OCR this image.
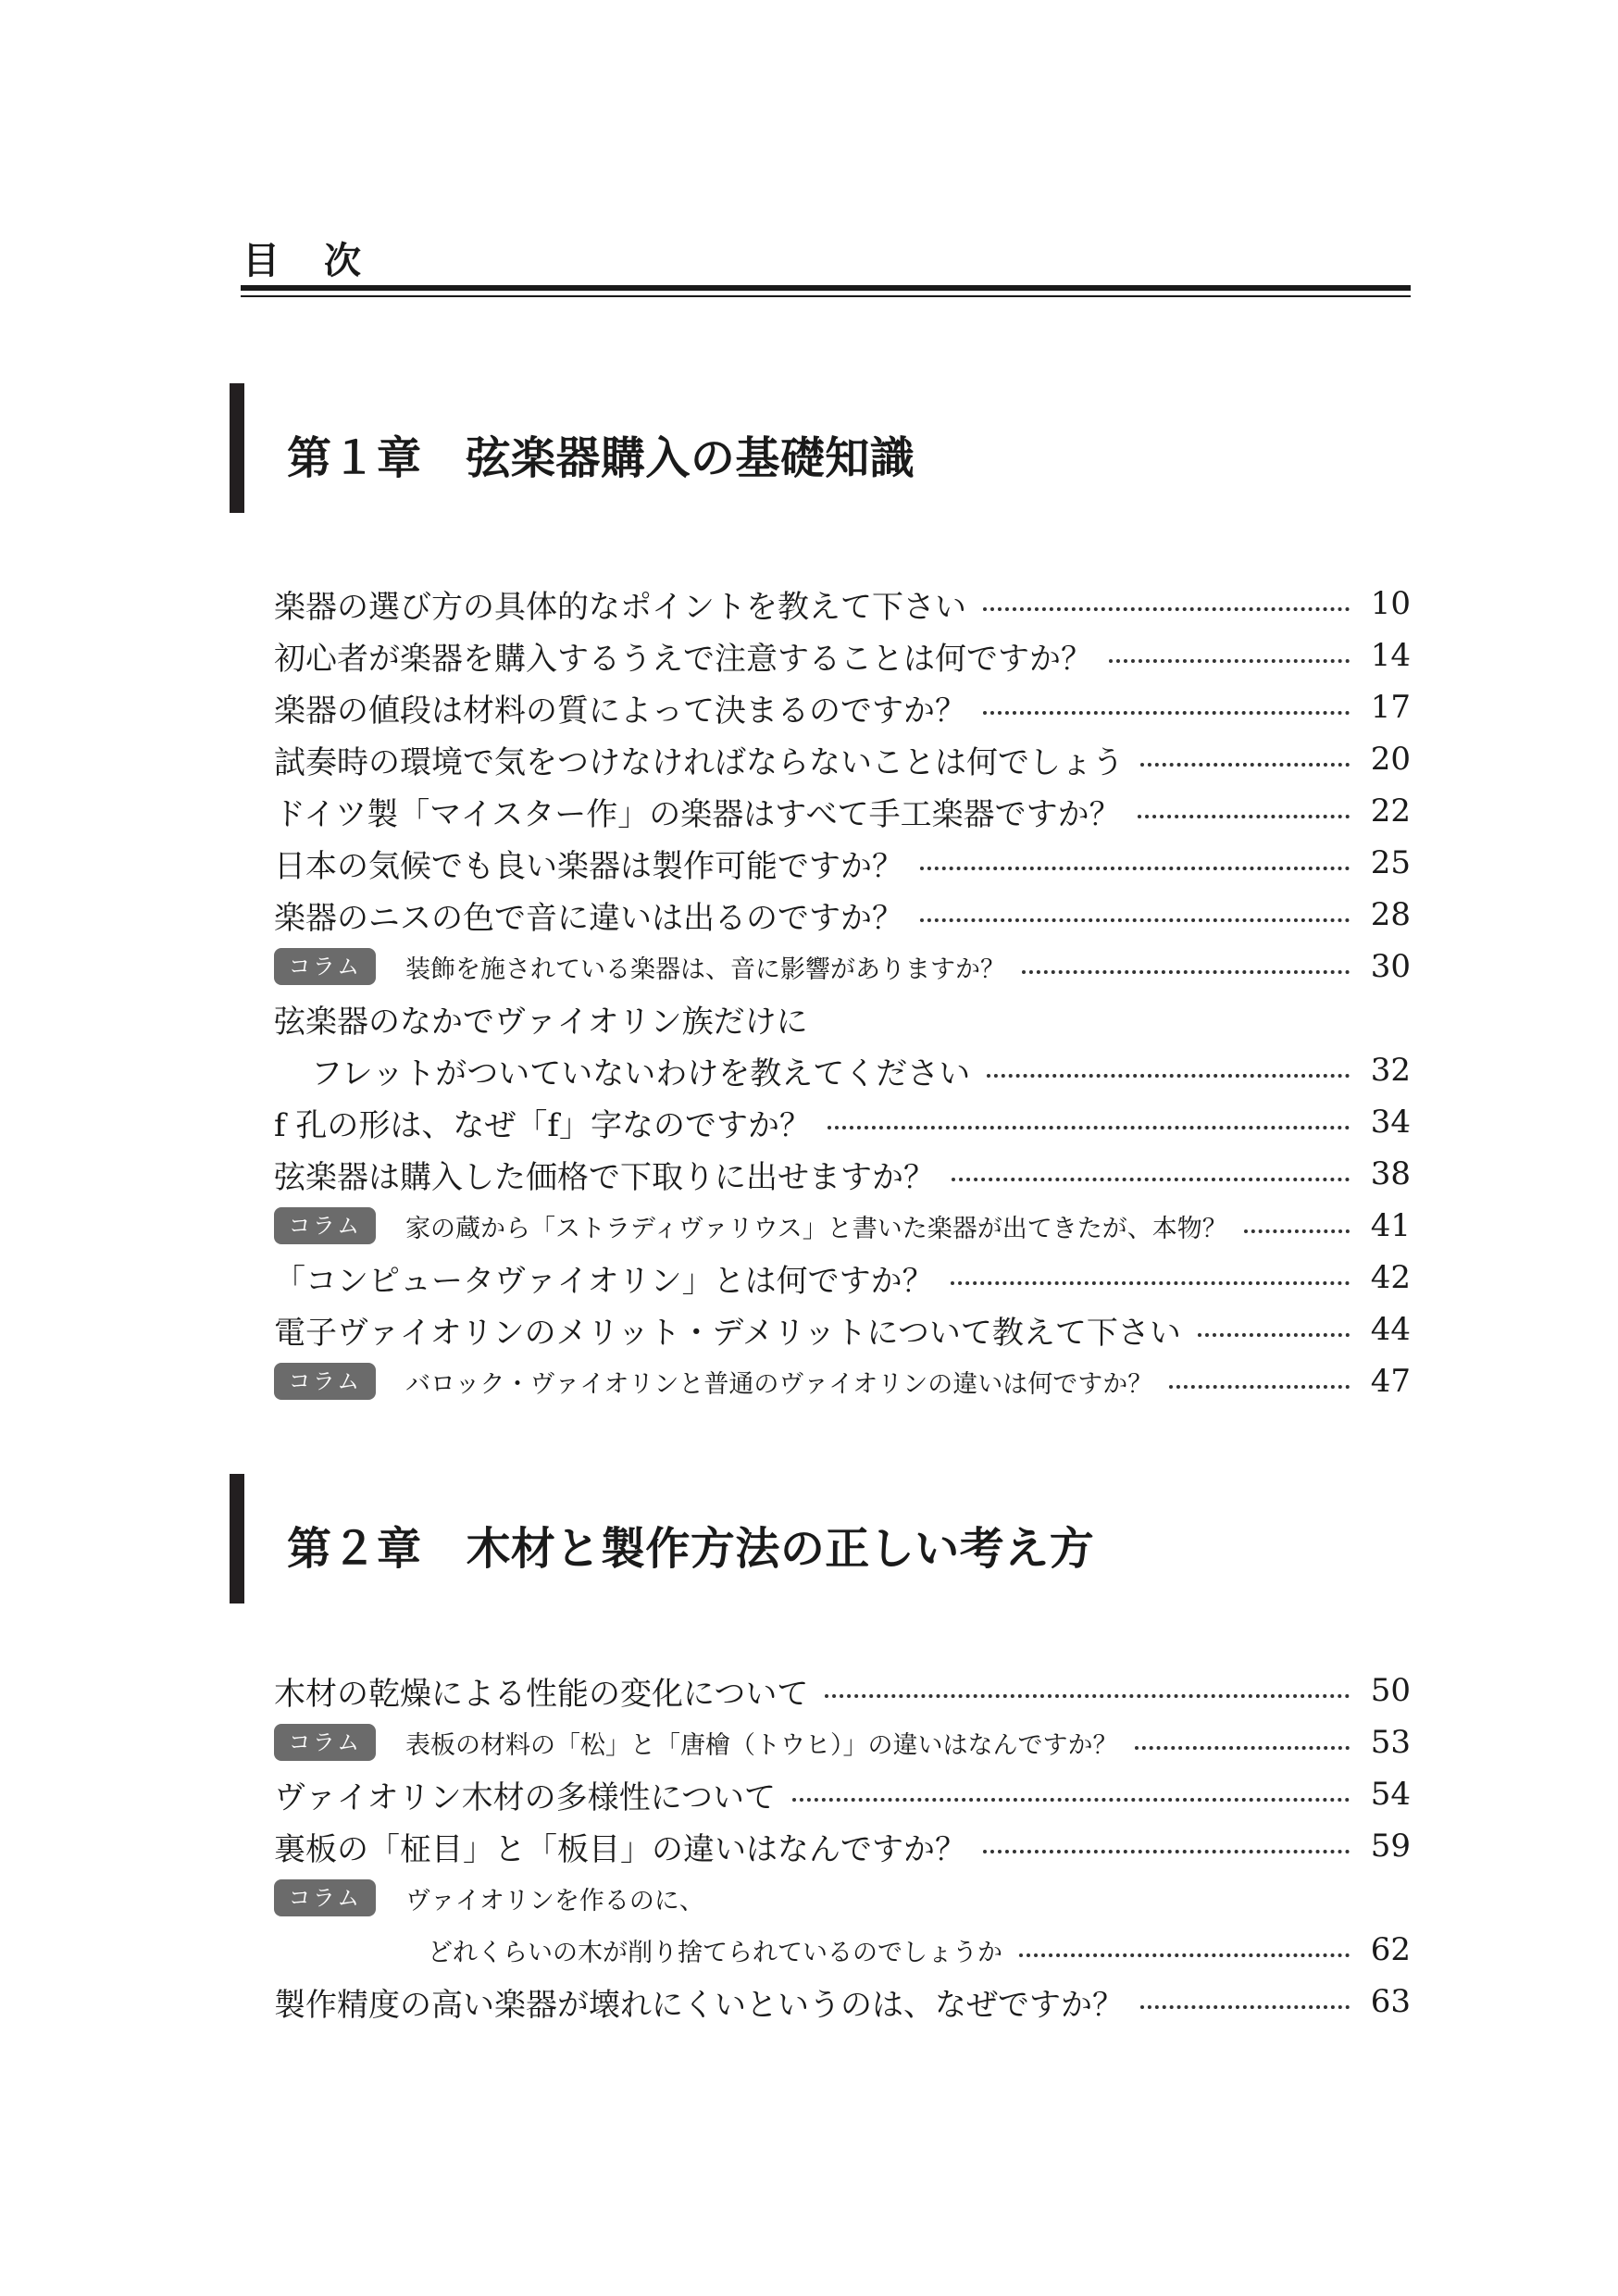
目　次
第１章 弦楽器購入の基礎知識
楽器の選び方の具体的なポイントを教えて下さい	10
初心者が楽器を購入するうえで注意することは何ですか？	14
楽器の値段は材料の質によって決まるのですか？	17
試奏時の環境で気をつけなければならないことは何でしょう	20
ドイツ製「マイスター作」の楽器はすべて手工楽器ですか？	22
日本の気候でも良い楽器は製作可能ですか？	25
楽器のニスの色で音に違いは出るのですか？	28
コラム	装飾を施されている楽器は、音に影響がありますか？	30
弦楽器のなかでヴァイオリン族だけに
フレットがついていないわけを教えてください	32
f 孔の形は、なぜ「f」字なのですか？	34
弦楽器は購入した価格で下取りに出せますか？	38
コラム	家の蔵から「ストラディヴァリウス」と書いた楽器が出てきたが、本物？	41
「コンピュータヴァイオリン」とは何ですか？	42
電子ヴァイオリンのメリット・デメリットについて教えて下さい	44
コラム	バロック・ヴァイオリンと普通のヴァイオリンの違いは何ですか？	47
第２章 木材と製作方法の正しい考え方
木材の乾燥による性能の変化について	50
コラム	表板の材料の「松」と「唐檜（トウヒ）」の違いはなんですか？	53
ヴァイオリン木材の多様性について	54
裏板の「柾目」と「板目」の違いはなんですか？	59
コラム	ヴァイオリンを作るのに、
どれくらいの木が削り捨てられているのでしょうか	62
製作精度の高い楽器が壊れにくいというのは、なぜですか？	63
